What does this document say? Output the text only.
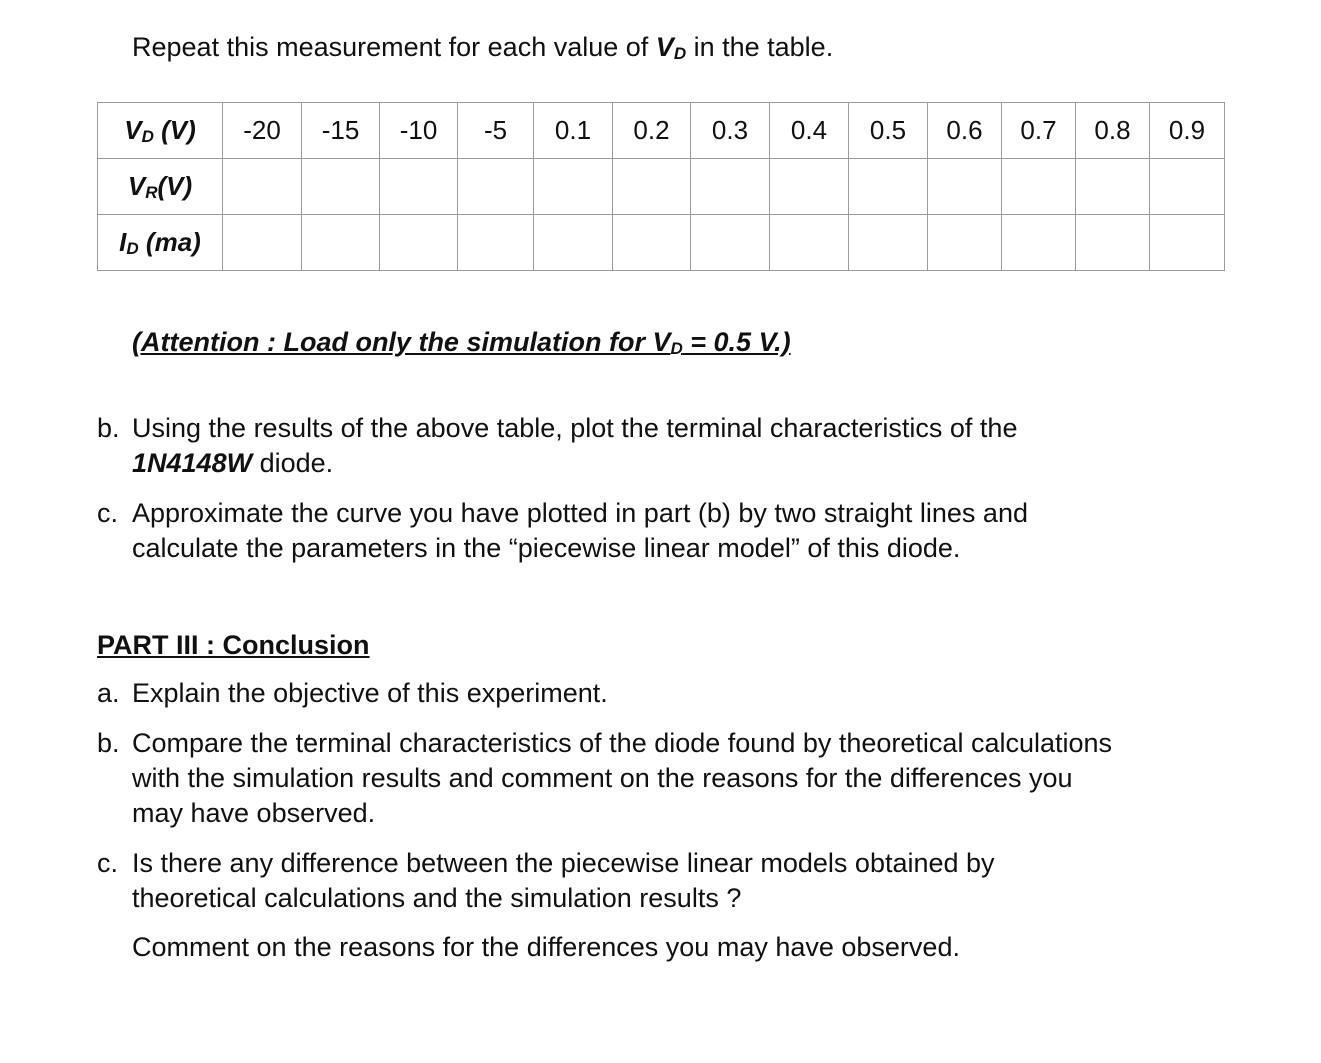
Repeat this measurement for each value of $V_D$ in the table.
$V_D$ (V)	-20	-15	-10	-5	0.1	0.2	0.3	0.4	0.5	0.6	0.7	0.8	0.9
$V_R(V)$													
$I_D$ (ma)													
(Attention : Load only the simulation for $V_D = 0.5$ V.)
b. Using the results of the above table, plot the terminal characteristics of the
1N4148W diode.
c. Approximate the curve you have plotted in part (b) by two straight lines and
calculate the parameters in the “piecewise linear model” of this diode.
PART III : Conclusion
a. Explain the objective of this experiment.
b. Compare the terminal characteristics of the diode found by theoretical calculations
with the simulation results and comment on the reasons for the differences you
may have observed.
c. Is there any difference between the piecewise linear models obtained by
theoretical calculations and the simulation results ?
Comment on the reasons for the differences you may have observed.
